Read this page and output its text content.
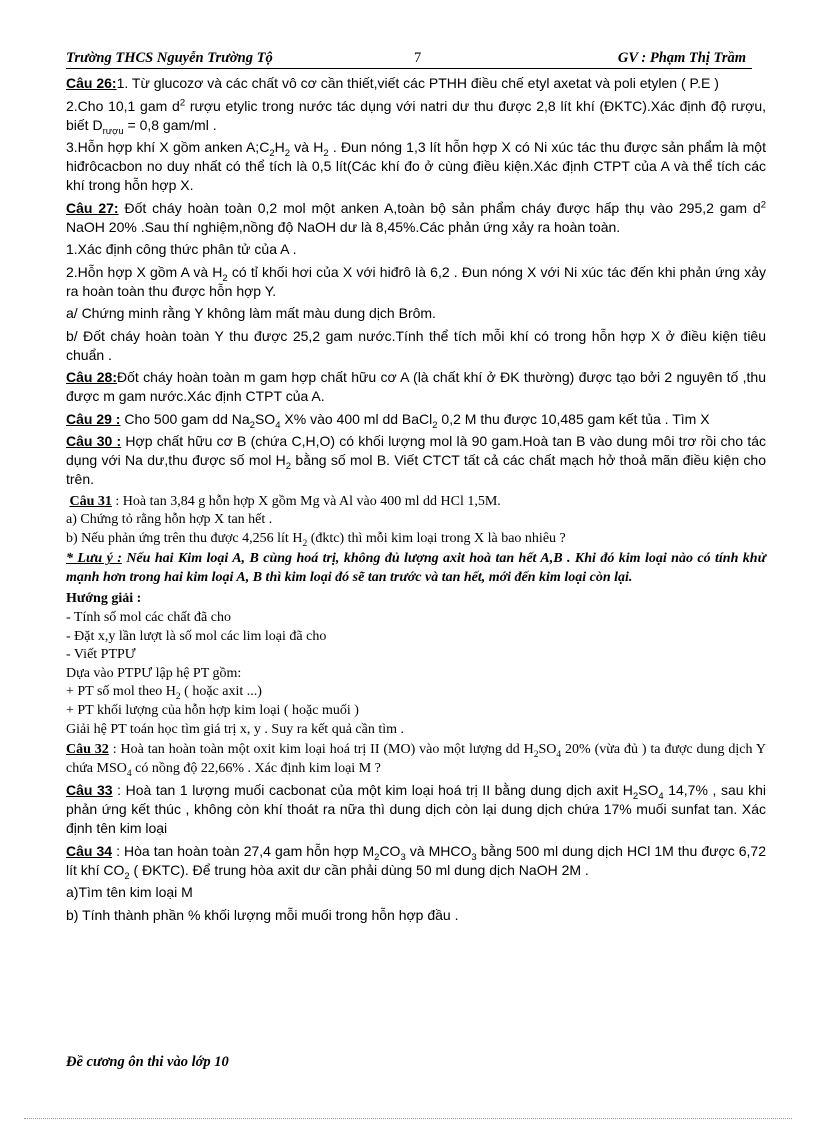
Trường THCS Nguyễn Trường Tộ	7	GV : Phạm Thị Trầm

Câu 26:1. Từ glucozơ và các chất vô cơ cần thiết,viết các PTHH điều chế etyl axetat và poli etylen ( P.E )

2.Cho 10,1 gam $d^2$ rượu etylic trong nước tác dụng với natri dư thu được 2,8 lít khí (ĐKTC).Xác định độ rượu, biết $D_{rượu} = 0,8$ gam/ml .

3.Hỗn hợp khí X gồm anken $A;C_2H_2$ và $H_2$ . Đun nóng 1,3 lít hỗn hợp X có Ni xúc tác thu được sản phẩm là một hiđrôcacbon no duy nhất có thể tích là 0,5 lít(Các khí đo ở cùng điều kiện.Xác định CTPT của A và thể tích các khí trong hỗn hợp X.

Câu 27: Đốt cháy hoàn toàn 0,2 mol một anken A,toàn bộ sản phẩm cháy được hấp thụ vào 295,2 gam $d^2$ NaOH 20% .Sau thí nghiệm,nồng độ NaOH dư là 8,45%.Các phản ứng xảy ra hoàn toàn.

1.Xác định công thức phân tử của A .

2.Hỗn hợp X gồm A và $H_2$ có tỉ khối hơi của X với hiđrô là 6,2 . Đun nóng X với Ni xúc tác đến khi phản ứng xảy ra hoàn toàn thu được hỗn hợp Y.

a/ Chứng minh rằng Y không làm mất màu dung dịch Brôm.

b/ Đốt cháy hoàn toàn Y thu được 25,2 gam nước.Tính thể tích mỗi khí có trong hỗn hợp X ở điều kiện tiêu chuẩn .

Câu 28:Đốt cháy hoàn toàn m gam hợp chất hữu cơ A (là chất khí ở ĐK thường) được tạo bởi 2 nguyên tố ,thu được m gam nước.Xác định CTPT của A.

Câu 29 : Cho 500 gam dd $Na_2SO_4$ X% vào 400 ml dd BaCl$_2$ 0,2 M thu được 10,485 gam kết tủa . Tìm X

Câu 30 : Hợp chất hữu cơ B (chứa C,H,O) có khối lượng mol là 90 gam.Hoà tan B vào dung môi trơ rồi cho tác dụng với Na dư,thu được số mol $H_2$ bằng số mol B. Viết CTCT tất cả các chất mạch hở thoả mãn điều kiện cho trên.

Câu 31 : Hoà tan 3,84 g hỗn hợp X gồm Mg và Al vào 400 ml dd HCl 1,5M.

a) Chứng tỏ rằng hỗn hợp X tan hết .

b) Nếu phản ứng trên thu được 4,256 lít $H_2$ (đktc) thì mỗi kim loại trong X là bao nhiêu ?

* Lưu ý : Nếu hai Kim loại A, B cùng hoá trị, không đủ lượng axit hoà tan hết A,B . Khi đó kim loại nào có tính khử mạnh hơn trong hai kim loại A, B thì kim loại đó sẽ tan trước và tan hết, mới đến kim loại còn lại.

Hướng giải :

- Tính số mol các chất đã cho

- Đặt x,y lần lượt là số mol các lim loại đã cho

- Viết PTPƯ

Dựa vào PTPƯ lập hệ PT gồm:

+ PT số mol theo $H_2$ ( hoặc axit ...)

+ PT khối lượng của hỗn hợp kim loại ( hoặc muối )

Giải hệ PT toán học tìm giá trị x, y . Suy ra kết quả cần tìm .

Câu 32 : Hoà tan hoàn toàn một oxit kim loại hoá trị II (MO) vào một lượng dd $H_2SO_4$ 20% (vừa đủ ) ta được dung dịch Y chứa $MSO_4$ có nồng độ 22,66% . Xác định kim loại M ?

Câu 33 : Hoà tan 1 lượng muối cacbonat của một kim loại hoá trị II bằng dung dịch axit $H_2SO_4$ 14,7% , sau khi phản ứng kết thúc , không còn khí thoát ra nữa thì dung dịch còn lại dung dịch chứa 17% muối sunfat tan. Xác định tên kim loại

Câu 34 : Hòa tan hoàn toàn 27,4 gam hỗn hợp $M_2CO_3$ và $MHCO_3$ bằng 500 ml dung dịch HCl 1M thu được 6,72 lít khí $CO_2$ ( ĐKTC). Để trung hòa axit dư cần phải dùng 50 ml dung dịch NaOH 2M .

a)Tìm tên kim loại M

b) Tính thành phần % khối lượng mỗi muối trong hỗn hợp đầu .

Đề cương ôn thi vào lớp 10
